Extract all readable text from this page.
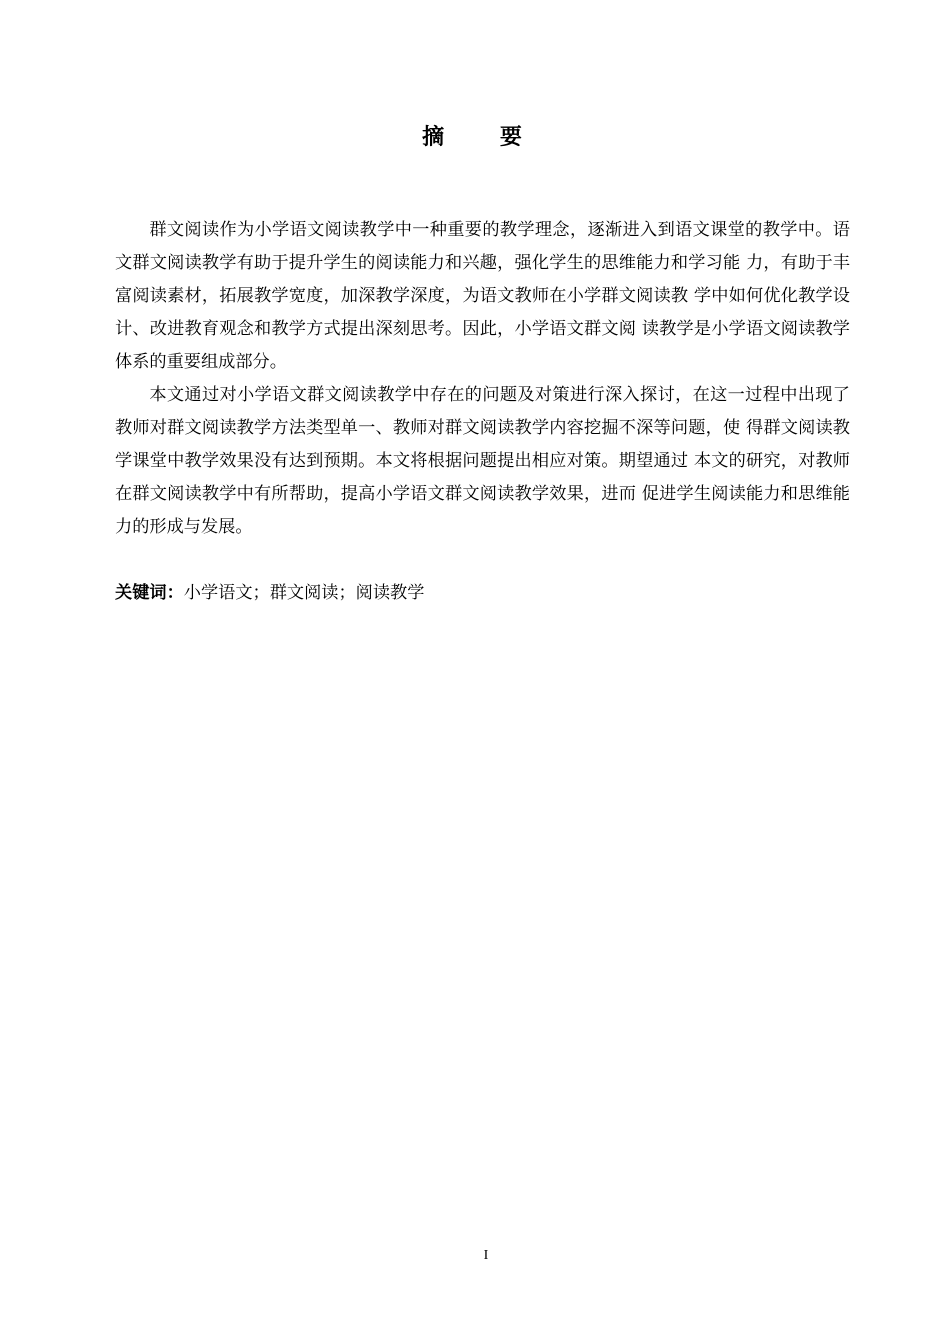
摘 要

群文阅读作为小学语文阅读教学中一种重要的教学理念，逐渐进入到语文课堂的教学中。语文群文阅读教学有助于提升学生的阅读能力和兴趣，强化学生的思维能力和学习能 力，有助于丰富阅读素材，拓展教学宽度，加深教学深度，为语文教师在小学群文阅读教 学中如何优化教学设计、改进教育观念和教学方式提出深刻思考。因此，小学语文群文阅 读教学是小学语文阅读教学体系的重要组成部分。

本文通过对小学语文群文阅读教学中存在的问题及对策进行深入探讨，在这一过程中出现了教师对群文阅读教学方法类型单一、教师对群文阅读教学内容挖掘不深等问题，使 得群文阅读教学课堂中教学效果没有达到预期。本文将根据问题提出相应对策。期望通过 本文的研究，对教师在群文阅读教学中有所帮助，提高小学语文群文阅读教学效果，进而 促进学生阅读能力和思维能力的形成与发展。

关键词：小学语文；群文阅读；阅读教学
I
